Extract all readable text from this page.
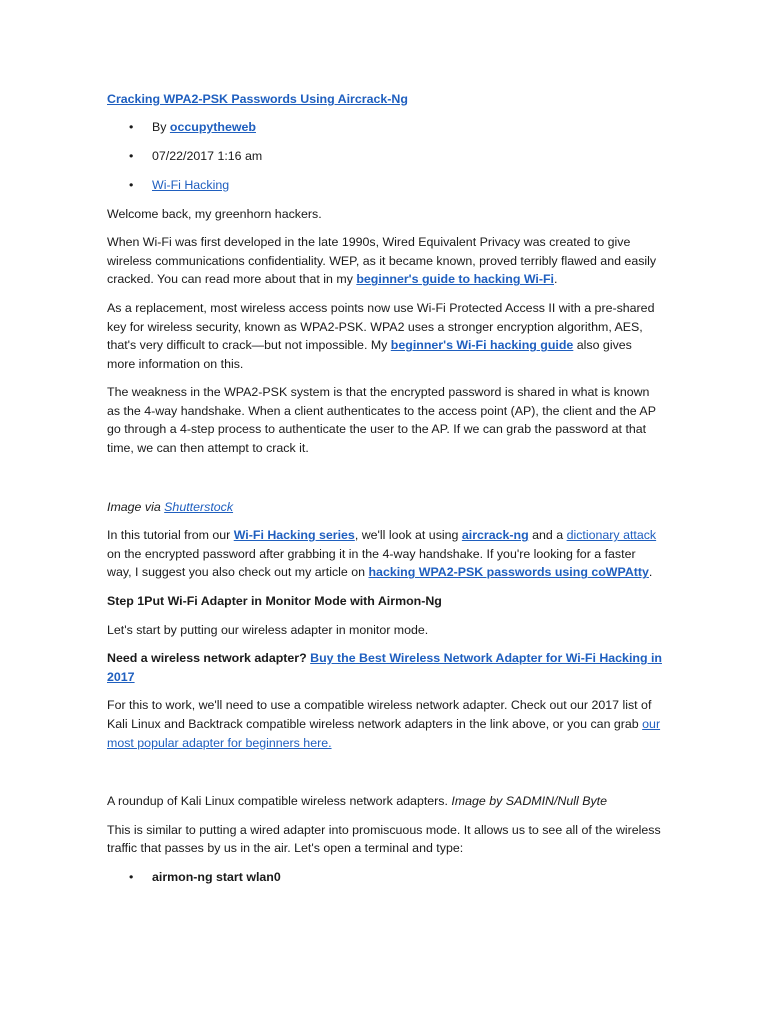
Cracking WPA2-PSK Passwords Using Aircrack-Ng

• By occupytheweb
• 07/22/2017 1:16 am
• Wi-Fi Hacking

Welcome back, my greenhorn hackers.

When Wi-Fi was first developed in the late 1990s, Wired Equivalent Privacy was created to give wireless communications confidentiality. WEP, as it became known, proved terribly flawed and easily cracked. You can read more about that in my beginner's guide to hacking Wi-Fi.

As a replacement, most wireless access points now use Wi-Fi Protected Access II with a pre-shared key for wireless security, known as WPA2-PSK. WPA2 uses a stronger encryption algorithm, AES, that's very difficult to crack—but not impossible. My beginner's Wi-Fi hacking guide also gives more information on this.

The weakness in the WPA2-PSK system is that the encrypted password is shared in what is known as the 4-way handshake. When a client authenticates to the access point (AP), the client and the AP go through a 4-step process to authenticate the user to the AP. If we can grab the password at that time, we can then attempt to crack it.

Image via Shutterstock

In this tutorial from our Wi-Fi Hacking series, we'll look at using aircrack-ng and a dictionary attack on the encrypted password after grabbing it in the 4-way handshake. If you're looking for a faster way, I suggest you also check out my article on hacking WPA2-PSK passwords using coWPAtty.

Step 1Put Wi-Fi Adapter in Monitor Mode with Airmon-Ng

Let's start by putting our wireless adapter in monitor mode.

Need a wireless network adapter? Buy the Best Wireless Network Adapter for Wi-Fi Hacking in 2017

For this to work, we'll need to use a compatible wireless network adapter. Check out our 2017 list of Kali Linux and Backtrack compatible wireless network adapters in the link above, or you can grab our most popular adapter for beginners here.

A roundup of Kali Linux compatible wireless network adapters. Image by SADMIN/Null Byte

This is similar to putting a wired adapter into promiscuous mode. It allows us to see all of the wireless traffic that passes by us in the air. Let's open a terminal and type:

• airmon-ng start wlan0
